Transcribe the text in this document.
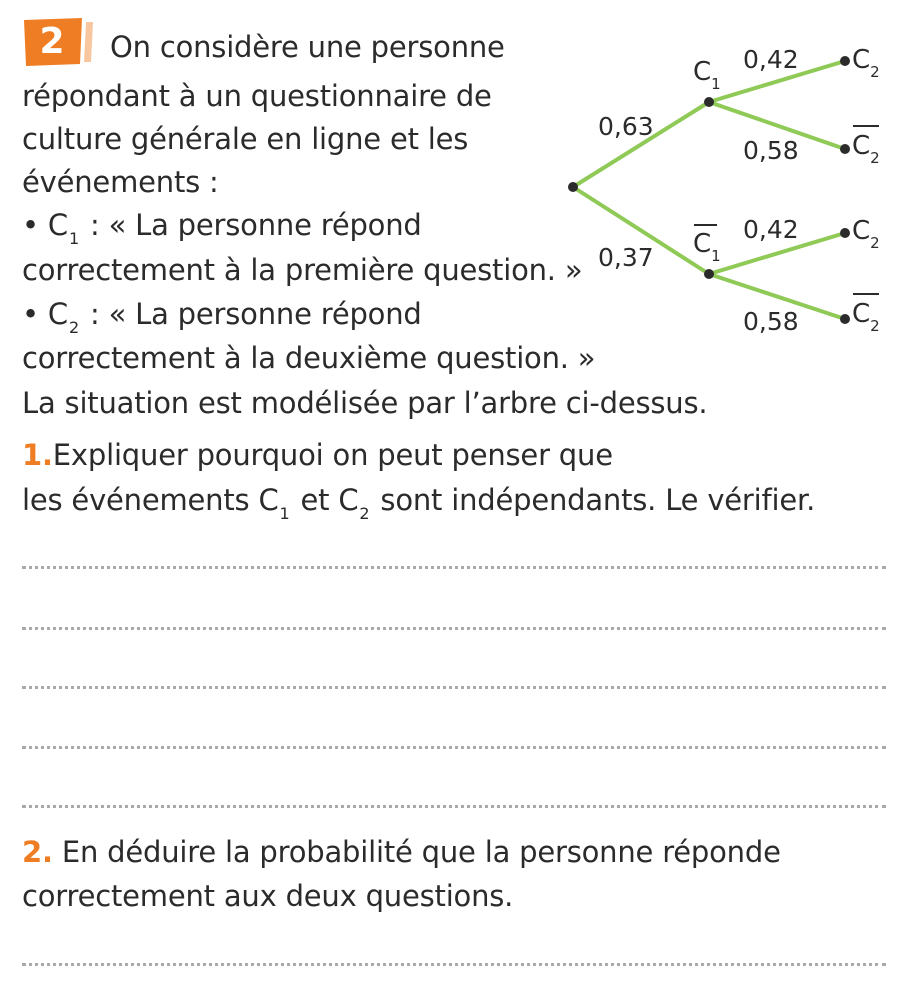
2	On considère une personne
répondant à un questionnaire de
culture générale en ligne et les
événements :
• $C_1$ : « La personne répond
correctement à la première question. »
• $C_2$ : « La personne répond
correctement à la deuxième question. »
La situation est modélisée par l’arbre ci-dessus.
0,63
0,37
$C_1$
$C_1$
0,42
0,58
0,42
0,58
$C_2$
$C_2$
$C_2$
$C_2$
1.Expliquer pourquoi on peut penser que
les événements $C_1$ et $C_2$ sont indépendants. Le vérifier.
2. En déduire la probabilité que la personne réponde
correctement aux deux questions.
